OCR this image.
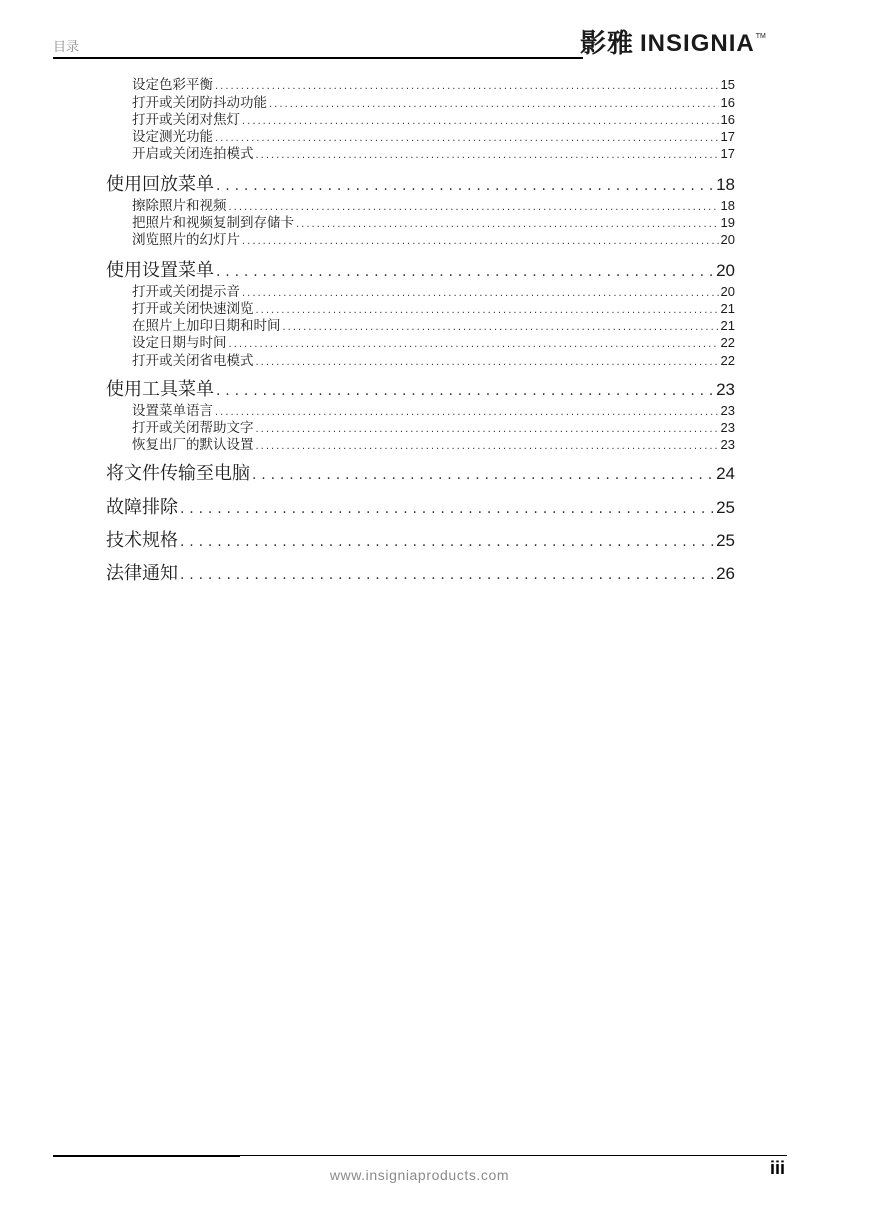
目录	影雅 INSIGNIA TM
设定色彩平衡 . . .	15
打开或关闭防抖动功能 . . .	16
打开或关闭对焦灯 . . .	16
设定测光功能 . . .	17
开启或关闭连拍模式 . . .	17
使用回放菜单 . . .	18
擦除照片和视频 . . .	18
把照片和视频复制到存储卡 . . .	19
浏览照片的幻灯片 . . .	20
使用设置菜单 . . .	20
打开或关闭提示音 . . .	20
打开或关闭快速浏览 . . .	21
在照片上加印日期和时间 . . .	21
设定日期与时间 . . .	22
打开或关闭省电模式 . . .	22
使用工具菜单 . . .	23
设置菜单语言 . . .	23
打开或关闭帮助文字 . . .	23
恢复出厂的默认设置 . . .	23
将文件传输至电脑 . . .	24
故障排除 . . .	25
技术规格 . . .	25
法律通知 . . .	26
www.insigniaproducts.com	iii
